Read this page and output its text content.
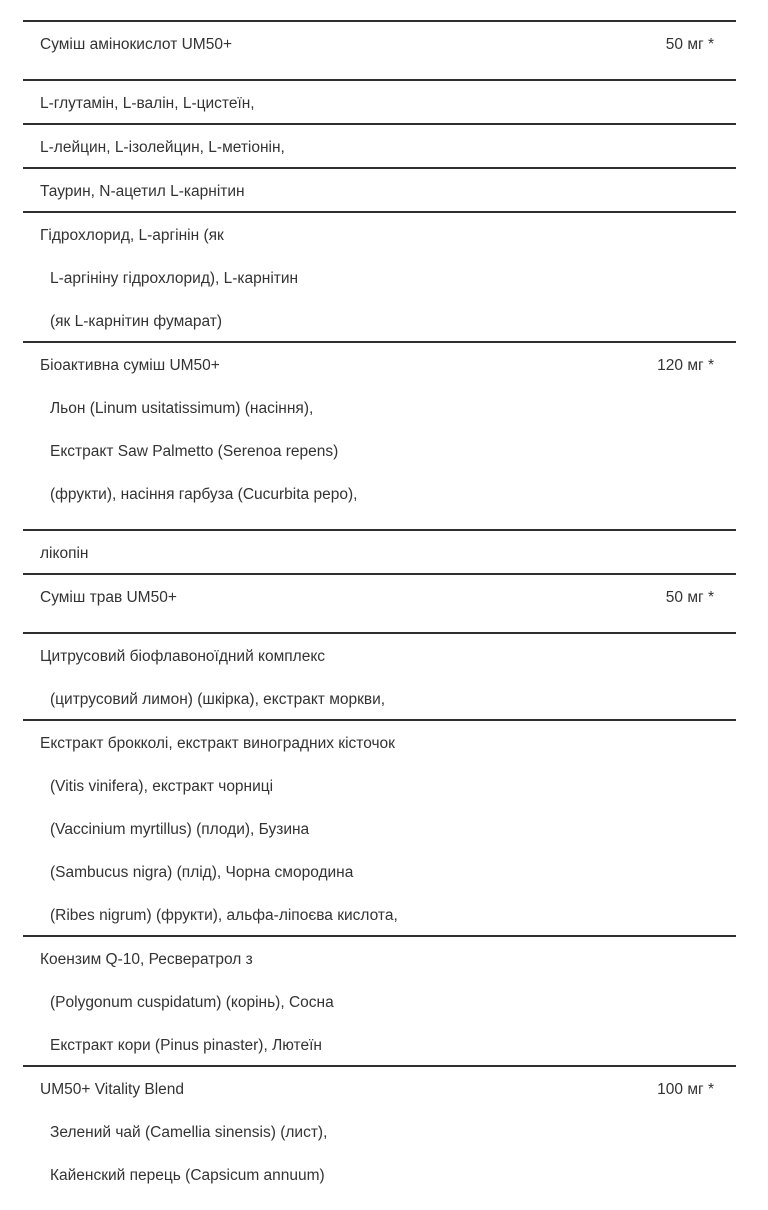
Суміш амінокислот UM50+	50 мг *
L-глутамін, L-валін, L-цистеїн,
L-лейцин, L-ізолейцин, L-метіонін,
Таурин, N-ацетил L-карнітин
Гідрохлорид, L-аргінін (як
L-аргініну гідрохлорид), L-карнітин
(як L-карнітин фумарат)
Біоактивна суміш UM50+
Льон (Linum usitatissimum) (насіння),
Екстракт Saw Palmetto (Serenoa repens)
(фрукти), насіння гарбуза (Cucurbita pepo),
120 мг *
лікопін
Суміш трав UM50+	50 мг *
Цитрусовий біофлавоноїдний комплекс
(цитрусовий лимон) (шкірка), екстракт моркви,
Екстракт брокколі, екстракт виноградних кісточок
(Vitis vinifera), екстракт чорниці
(Vaccinium myrtillus) (плоди), Бузина
(Sambucus nigra) (плід), Чорна смородина
(Ribes nigrum) (фрукти), альфа-ліпоєва кислота,
Коензим Q-10, Ресвератрол з
(Polygonum cuspidatum) (корінь), Сосна
Екстракт кори (Pinus pinaster), Лютеїн
UM50+ Vitality Blend
Зелений чай (Camellia sinensis) (лист),
Кайенский перець (Capsicum annuum)
100 мг *
